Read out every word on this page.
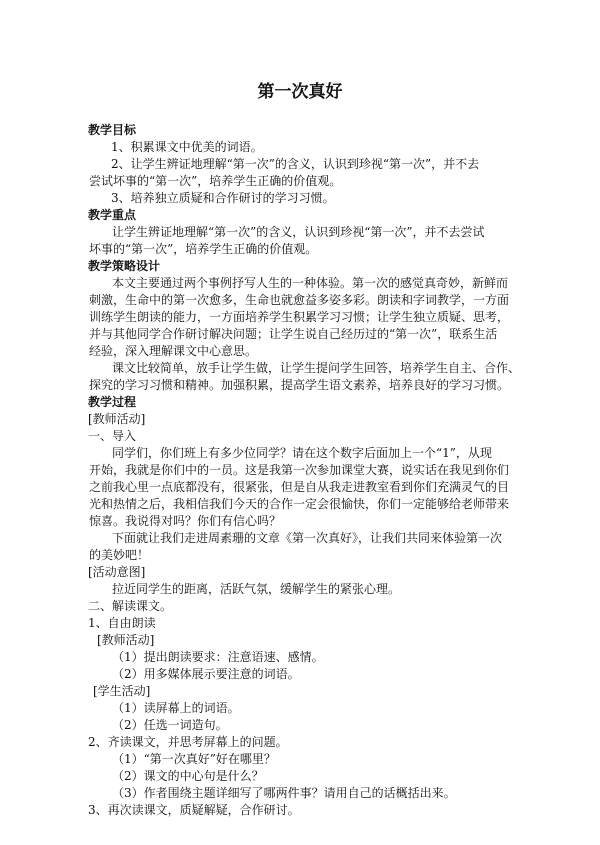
第一次真好
教学目标
1、积累课文中优美的词语。
2、让学生辨证地理解“第一次”的含义，认识到珍视“第一次”，并不去
尝试坏事的“第一次”，培养学生正确的价值观。
3、培养独立质疑和合作研讨的学习习惯。
教学重点
让学生辨证地理解“第一次”的含义，认识到珍视“第一次”，并不去尝试
坏事的“第一次”，培养学生正确的价值观。
教学策略设计
本文主要通过两个事例抒写人生的一种体验。第一次的感觉真奇妙，新鲜而
刺激，生命中的第一次愈多，生命也就愈益多姿多彩。朗读和字词教学，一方面
训练学生朗读的能力，一方面培养学生积累学习习惯；让学生独立质疑、思考，
并与其他同学合作研讨解决问题；让学生说自己经历过的“第一次”，联系生活
经验，深入理解课文中心意思。
课文比较简单，放手让学生做，让学生提问学生回答，培养学生自主、合作、
探究的学习习惯和精神。加强积累，提高学生语文素养，培养良好的学习习惯。
教学过程
[教师活动]
一、导入
同学们，你们班上有多少位同学？请在这个数字后面加上一个“1”，从现
开始，我就是你们中的一员。这是我第一次参加课堂大赛，说实话在我见到你们
之前我心里一点底都没有，很紧张，但是自从我走进教室看到你们充满灵气的目
光和热情之后，我相信我们今天的合作一定会很愉快，你们一定能够给老师带来
惊喜。我说得对吗？你们有信心吗？
下面就让我们走进周素珊的文章《第一次真好》，让我们共同来体验第一次
的美妙吧！
[活动意图]
拉近同学生的距离，活跃气氛，缓解学生的紧张心理。
二、解读课文。
1、自由朗读
[教师活动]
（1）提出朗读要求：注意语速、感情。
（2）用多媒体展示要注意的词语。
[学生活动]
（1）读屏幕上的词语。
（2）任选一词造句。
2、齐读课文，并思考屏幕上的问题。
（1）“第一次真好”好在哪里？
（2）课文的中心句是什么？
（3）作者围绕主题详细写了哪两件事？请用自己的话概括出来。
3、再次读课文，质疑解疑，合作研讨。
